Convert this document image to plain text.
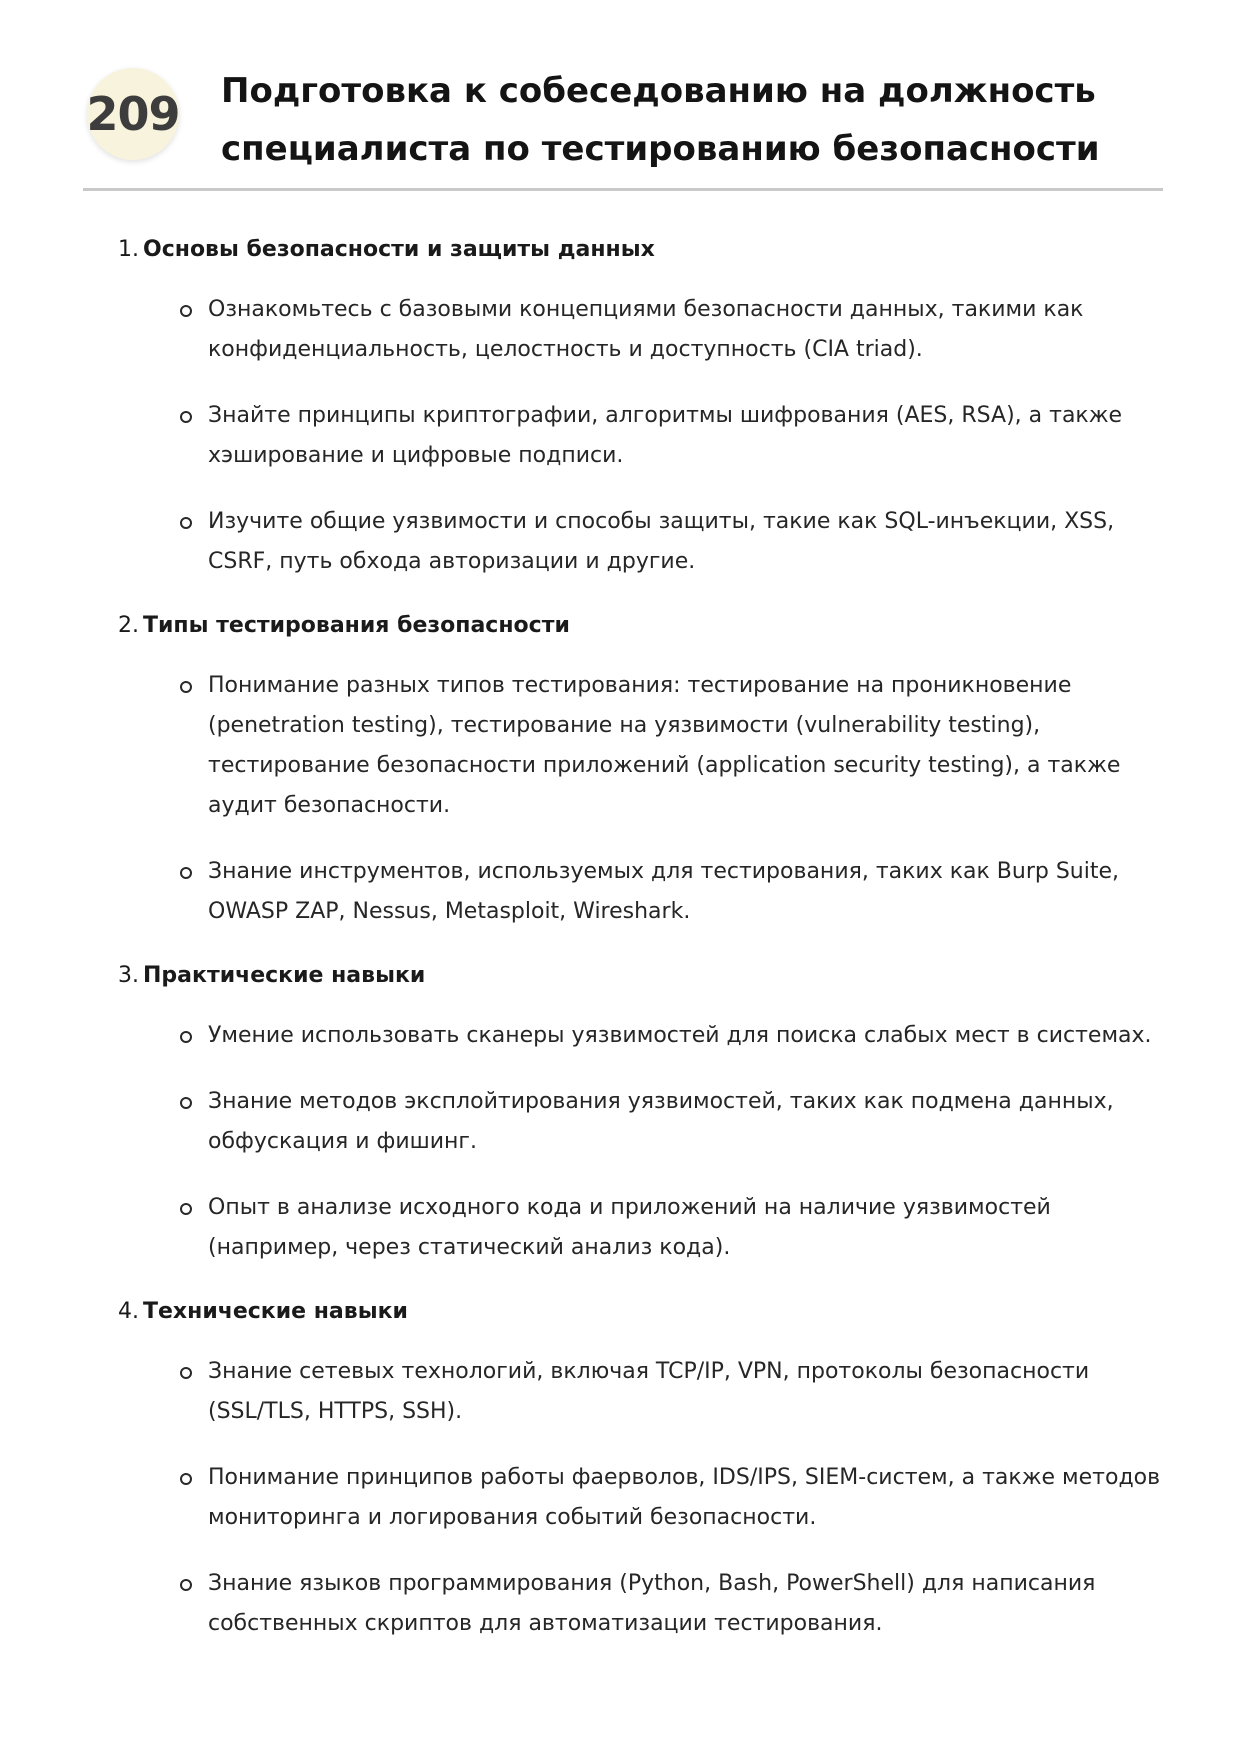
209 Подготовка к собеседованию на должность специалиста по тестированию безопасности
1. Основы безопасности и защиты данных
Ознакомьтесь с базовыми концепциями безопасности данных, такими как конфиденциальность, целостность и доступность (CIA triad).
Знайте принципы криптографии, алгоритмы шифрования (AES, RSA), а также хэширование и цифровые подписи.
Изучите общие уязвимости и способы защиты, такие как SQL-инъекции, XSS, CSRF, путь обхода авторизации и другие.
2. Типы тестирования безопасности
Понимание разных типов тестирования: тестирование на проникновение (penetration testing), тестирование на уязвимости (vulnerability testing), тестирование безопасности приложений (application security testing), а также аудит безопасности.
Знание инструментов, используемых для тестирования, таких как Burp Suite, OWASP ZAP, Nessus, Metasploit, Wireshark.
3. Практические навыки
Умение использовать сканеры уязвимостей для поиска слабых мест в системах.
Знание методов эксплойтирования уязвимостей, таких как подмена данных, обфускация и фишинг.
Опыт в анализе исходного кода и приложений на наличие уязвимостей (например, через статический анализ кода).
4. Технические навыки
Знание сетевых технологий, включая TCP/IP, VPN, протоколы безопасности (SSL/TLS, HTTPS, SSH).
Понимание принципов работы фаерволов, IDS/IPS, SIEM-систем, а также методов мониторинга и логирования событий безопасности.
Знание языков программирования (Python, Bash, PowerShell) для написания собственных скриптов для автоматизации тестирования.
